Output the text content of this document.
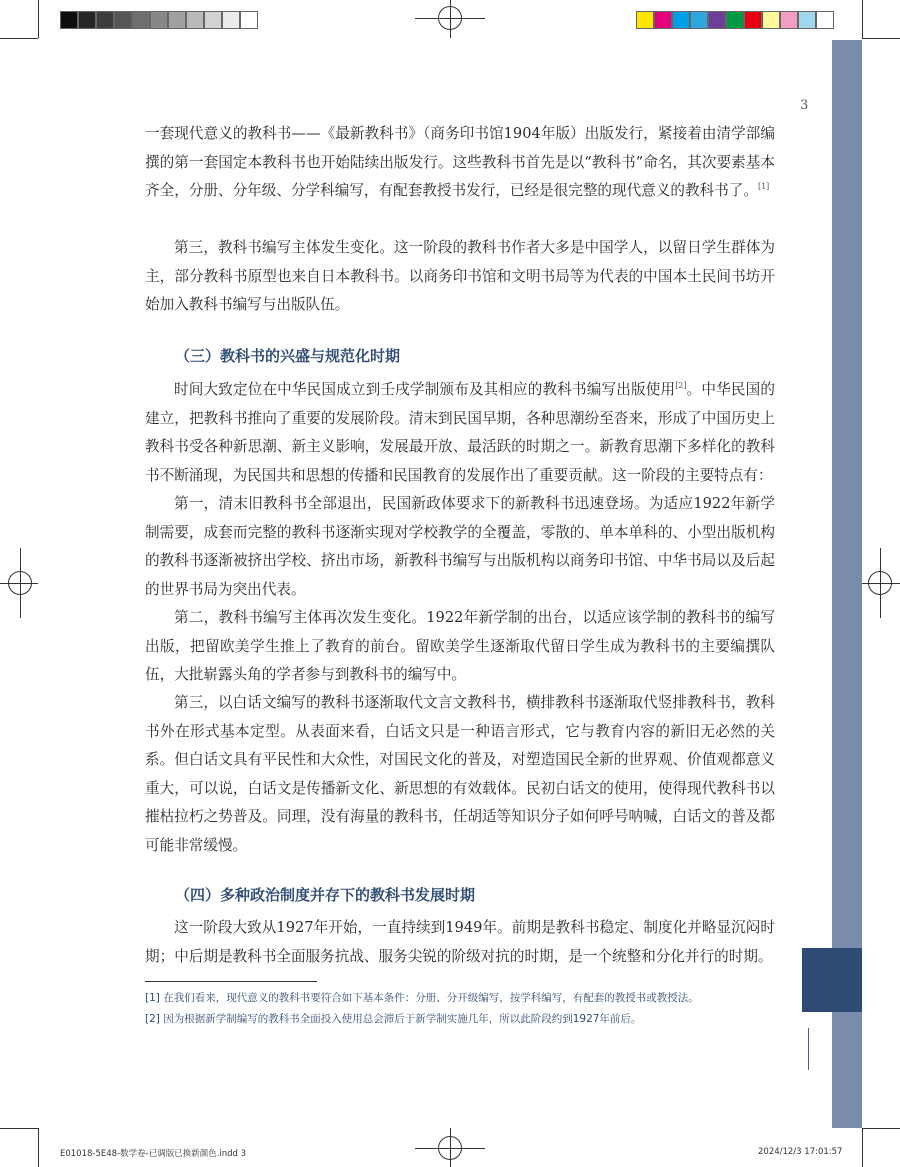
3
导
论

一套现代意义的教科书——《最新教科书》（商务印书馆1904年版）出版发行，紧接着由清学部编撰的第一套国定本教科书也开始陆续出版发行。这些教科书首先是以“教科书”命名，其次要素基本齐全，分册、分年级、分学科编写，有配套教授书发行，已经是很完整的现代意义的教科书了。[1]

第三，教科书编写主体发生变化。这一阶段的教科书作者大多是中国学人，以留日学生群体为主，部分教科书原型也来自日本教科书。以商务印书馆和文明书局等为代表的中国本土民间书坊开始加入教科书编写与出版队伍。

（三）教科书的兴盛与规范化时期

时间大致定位在中华民国成立到壬戌学制颁布及其相应的教科书编写出版使用[2]。中华民国的建立，把教科书推向了重要的发展阶段。清末到民国早期，各种思潮纷至沓来，形成了中国历史上教科书受各种新思潮、新主义影响，发展最开放、最活跃的时期之一。新教育思潮下多样化的教科书不断涌现，为民国共和思想的传播和民国教育的发展作出了重要贡献。这一阶段的主要特点有：

第一，清末旧教科书全部退出，民国新政体要求下的新教科书迅速登场。为适应1922年新学制需要，成套而完整的教科书逐渐实现对学校教学的全覆盖，零散的、单本单科的、小型出版机构的教科书逐渐被挤出学校、挤出市场，新教科书编写与出版机构以商务印书馆、中华书局以及后起的世界书局为突出代表。

第二，教科书编写主体再次发生变化。1922年新学制的出台，以适应该学制的教科书的编写出版，把留欧美学生推上了教育的前台。留欧美学生逐渐取代留日学生成为教科书的主要编撰队伍，大批崭露头角的学者参与到教科书的编写中。

第三，以白话文编写的教科书逐渐取代文言文教科书，横排教科书逐渐取代竖排教科书，教科书外在形式基本定型。从表面来看，白话文只是一种语言形式，它与教育内容的新旧无必然的关系。但白话文具有平民性和大众性，对国民文化的普及，对塑造国民全新的世界观、价值观都意义重大，可以说，白话文是传播新文化、新思想的有效载体。民初白话文的使用，使得现代教科书以摧枯拉朽之势普及。同理，没有海量的教科书，任胡适等知识分子如何呼号呐喊，白话文的普及都可能非常缓慢。

（四）多种政治制度并存下的教科书发展时期

这一阶段大致从1927年开始，一直持续到1949年。前期是教科书稳定、制度化并略显沉闷时期；中后期是教科书全面服务抗战、服务尖锐的阶级对抗的时期，是一个统整和分化并行的时期。

[1] 在我们看来，现代意义的教科书要符合如下基本条件：分册、分开级编写，按学科编写，有配套的教授书或教授法。

[2] 因为根据新学制编写的教科书全面投入使用总会滞后于新学制实施几年，所以此阶段约到1927年前后。

E01018-5E48-数学卷-已调版已换新颜色.indd 3	2024/12/3 17:01:57
